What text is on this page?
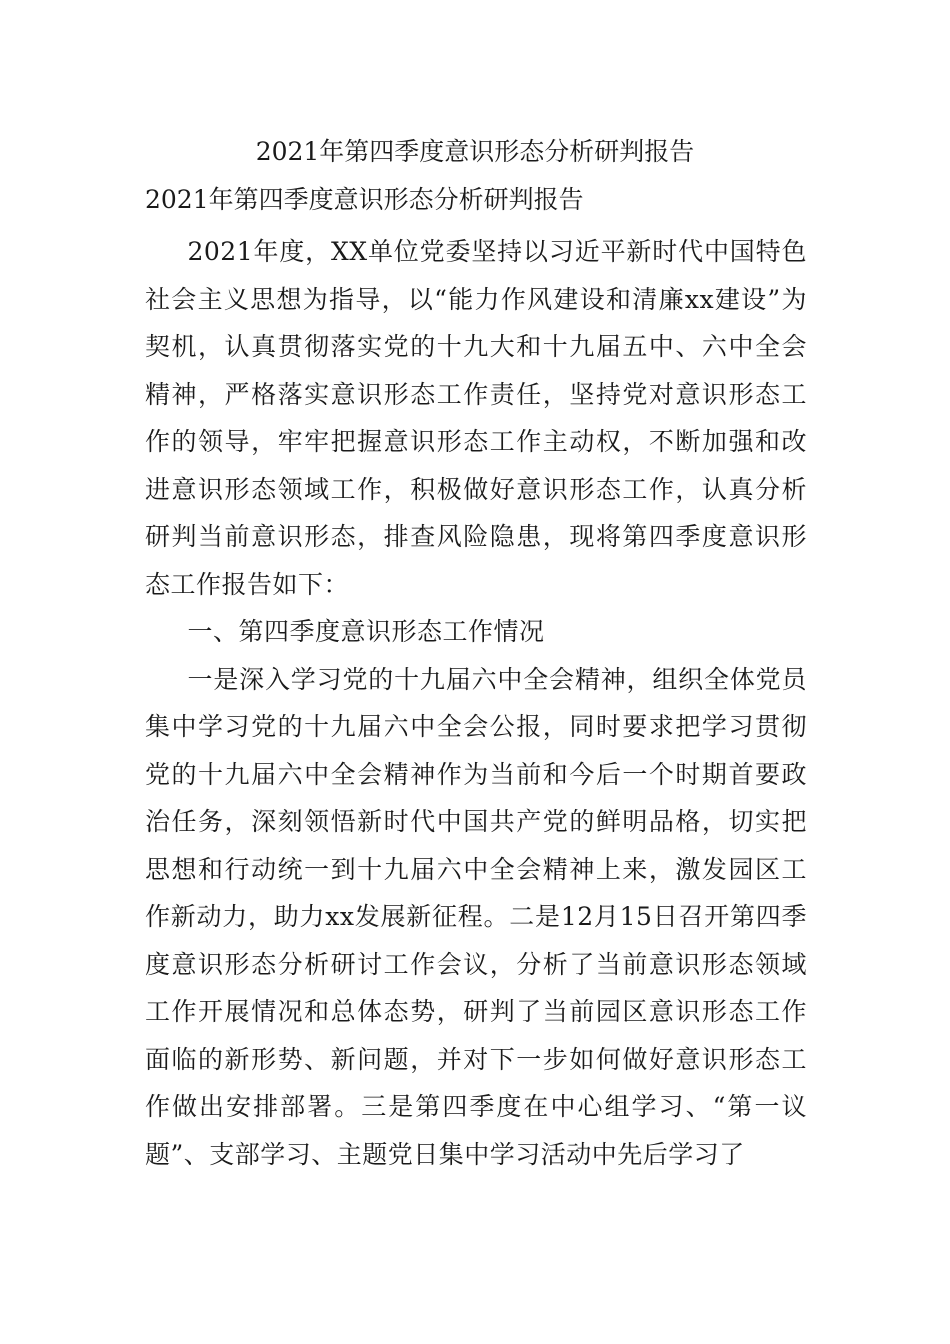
2021年第四季度意识形态分析研判报告
2021年第四季度意识形态分析研判报告

2021年度，XX单位党委坚持以习近平新时代中国特色社会主义思想为指导，以“能力作风建设和清廉xx建设”为契机，认真贯彻落实党的十九大和十九届五中、六中全会精神，严格落实意识形态工作责任，坚持党对意识形态工作的领导，牢牢把握意识形态工作主动权，不断加强和改进意识形态领域工作，积极做好意识形态工作，认真分析研判当前意识形态，排查风险隐患，现将第四季度意识形态工作报告如下：

一、第四季度意识形态工作情况

一是深入学习党的十九届六中全会精神，组织全体党员集中学习党的十九届六中全会公报，同时要求把学习贯彻党的十九届六中全会精神作为当前和今后一个时期首要政治任务，深刻领悟新时代中国共产党的鲜明品格，切实把思想和行动统一到十九届六中全会精神上来，激发园区工作新动力，助力xx发展新征程。二是12月15日召开第四季度意识形态分析研讨工作会议，分析了当前意识形态领域工作开展情况和总体态势，研判了当前园区意识形态工作面临的新形势、新问题，并对下一步如何做好意识形态工作做出安排部署。三是第四季度在中心组学习、“第一议题”、支部学习、主题党日集中学习活动中先后学习了
